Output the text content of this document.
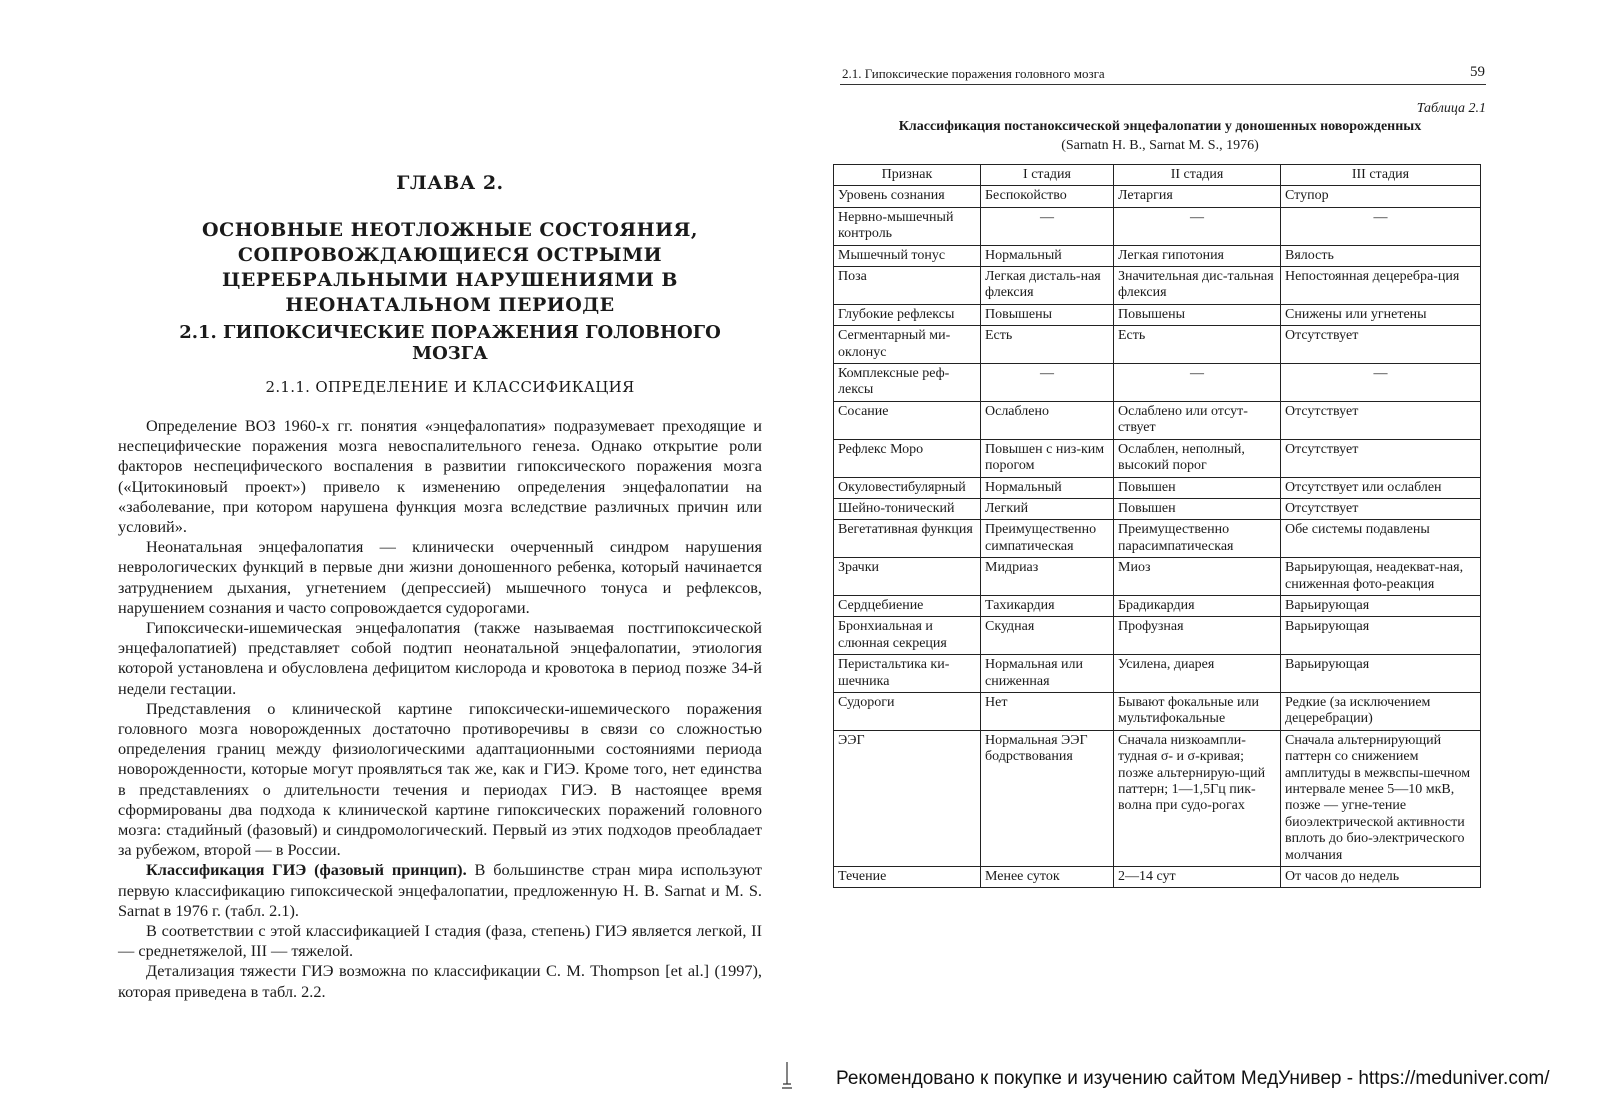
ГЛАВА 2.
ОСНОВНЫЕ НЕОТЛОЖНЫЕ СОСТОЯНИЯ, СОПРОВОЖДАЮЩИЕСЯ ОСТРЫМИ ЦЕРЕБРАЛЬНЫМИ НАРУШЕНИЯМИ В НЕОНАТАЛЬНОМ ПЕРИОДЕ
2.1. ГИПОКСИЧЕСКИЕ ПОРАЖЕНИЯ ГОЛОВНОГО МОЗГА
2.1.1. ОПРЕДЕЛЕНИЕ И КЛАССИФИКАЦИЯ

Определение ВОЗ 1960-х гг. понятия «энцефалопатия» подразумевает преходящие и неспецифические поражения мозга невоспалительного генеза. Однако открытие роли факторов неспецифического воспаления в развитии гипоксического поражения мозга («Цитокиновый проект») привело к изменению определения энцефалопатии на «заболевание, при котором нарушена функция мозга вследствие различных причин или условий».

Неонатальная энцефалопатия — клинически очерченный синдром нарушения неврологических функций в первые дни жизни доношенного ребенка, который начинается затруднением дыхания, угнетением (депрессией) мышечного тонуса и рефлексов, нарушением сознания и часто сопровождается судорогами.

Гипоксически-ишемическая энцефалопатия (также называемая постгипоксической энцефалопатией) представляет собой подтип неонатальной энцефалопатии, этиология которой установлена и обусловлена дефицитом кислорода и кровотока в период позже 34-й недели гестации.

Представления о клинической картине гипоксически-ишемического поражения головного мозга новорожденных достаточно противоречивы в связи со сложностью определения границ между физиологическими адаптационными состояниями периода новорожденности, которые могут проявляться так же, как и ГИЭ. Кроме того, нет единства в представлениях о длительности течения и периодах ГИЭ. В настоящее время сформированы два подхода к клинической картине гипоксических поражений головного мозга: стадийный (фазовый) и синдромологический. Первый из этих подходов преобладает за рубежом, второй — в России.

Классификация ГИЭ (фазовый принцип). В большинстве стран мира используют первую классификацию гипоксической энцефалопатии, предложенную H. B. Sarnat и M. S. Sarnat в 1976 г. (табл. 2.1).

В соответствии с этой классификацией I стадия (фаза, степень) ГИЭ является легкой, II — среднетяжелой, III — тяжелой.

Детализация тяжести ГИЭ возможна по классификации C. M. Thompson [et al.] (1997), которая приведена в табл. 2.2.

2.1. Гипоксические поражения головного мозга	59
Таблица 2.1
Классификация постаноксической энцефалопатии у доношенных новорожденных
(Sarnatn H. B., Sarnat M. S., 1976)
Признак	I стадия	II стадия	III стадия
Уровень сознания	Беспокойство	Летаргия	Ступор
Нервно-мышечный контроль	—	—	—
Мышечный тонус	Нормальный	Легкая гипотония	Вялость
Поза	Легкая дисталь-ная флексия	Значительная дис-тальная флексия	Непостоянная децеребра-ция
Глубокие рефлексы	Повышены	Повышены	Снижены или угнетены
Сегментарный ми-оклонус	Есть	Есть	Отсутствует
Комплексные реф-лексы	—	—	—
Сосание	Ослаблено	Ослаблено или отсут-ствует	Отсутствует
Рефлекс Моро	Повышен с низ-ким порогом	Ослаблен, неполный, высокий порог	Отсутствует
Окуловестибулярный	Нормальный	Повышен	Отсутствует или ослаблен
Шейно-тонический	Легкий	Повышен	Отсутствует
Вегетативная функция	Преимущественно симпатическая	Преимущественно парасимпатическая	Обе системы подавлены
Зрачки	Мидриаз	Миоз	Варьирующая, неадекват-ная, сниженная фото-реакция
Сердцебиение	Тахикардия	Брадикардия	Варьирующая
Бронхиальная и слюнная секреция	Скудная	Профузная	Варьирующая
Перистальтика ки-шечника	Нормальная или сниженная	Усилена, диарея	Варьирующая
Судороги	Нет	Бывают фокальные или мультифокальные	Редкие (за исключением децеребрации)
ЭЭГ	Нормальная ЭЭГ бодрствования	Сначала низкоампли-тудная σ- и σ-кривая; позже альтернирую-щий паттерн; 1—1,5Гц пик-волна при судо-рогах	Сначала альтернирующий паттерн со снижением амплитуды в межвспы-шечном интервале менее 5—10 мкВ, позже — угне-тение биоэлектрической активности вплоть до био-электрического молчания
Течение	Менее суток	2—14 сут	От часов до недель
Рекомендовано к покупке и изучению сайтом МедУнивер - https://meduniver.com/
